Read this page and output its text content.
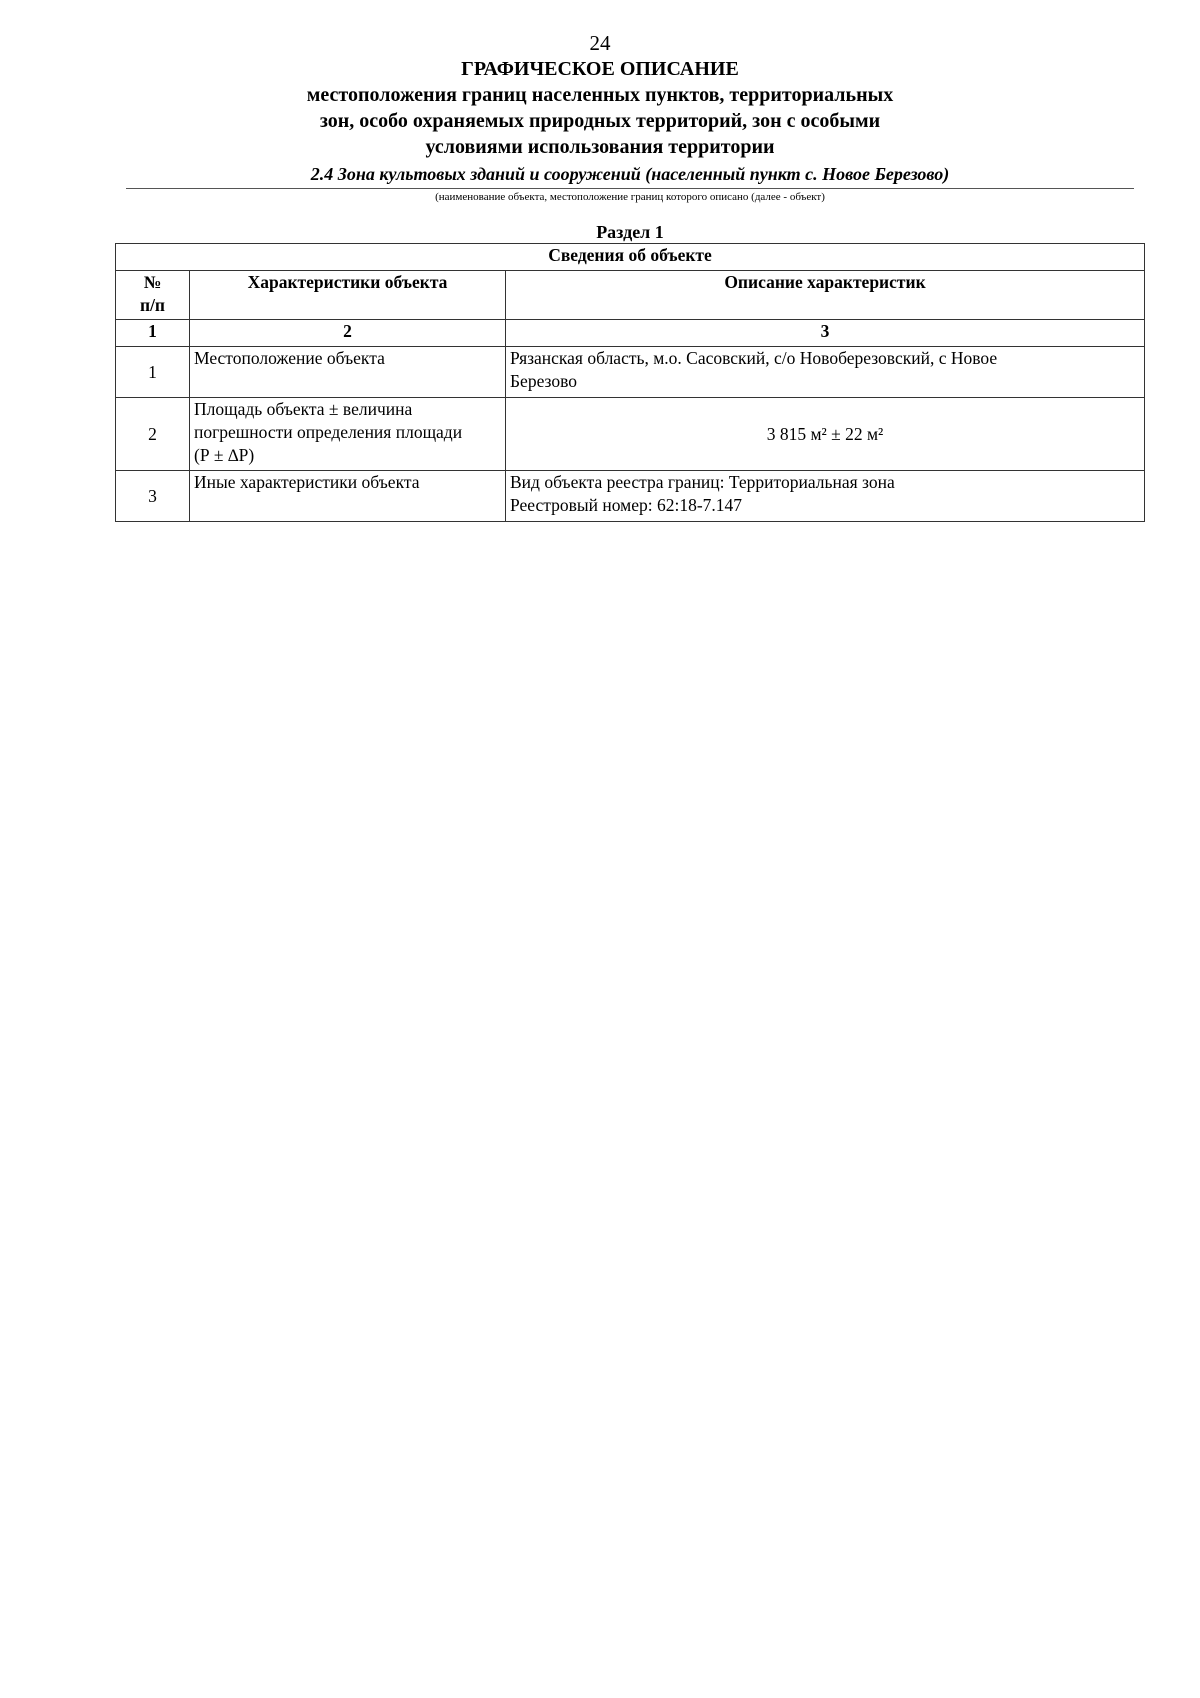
24
ГРАФИЧЕСКОЕ ОПИСАНИЕ
местоположения границ населенных пунктов, территориальных
зон, особо охраняемых природных территорий, зон с особыми
условиями использования территории
2.4 Зона культовых зданий и сооружений (населенный пункт с. Новое Березово)
(наименование объекта, местоположение границ которого описано (далее - объект)
Раздел 1
Сведения об объекте		

№
п/п	Характеристики объекта	Описание характеристик
1	2	3
1	Местоположение объекта	Рязанская область, м.о. Сасовский, с/о Новоберезовский, с Новое
Березово

2	Площадь объекта ± величина
погрешности определения площади
(Р ± ∆Р)	3 815 м² ± 22 м²

3	Иные характеристики объекта	Вид объекта реестра границ: Территориальная зона
Реестровый номер: 62:18-7.147
